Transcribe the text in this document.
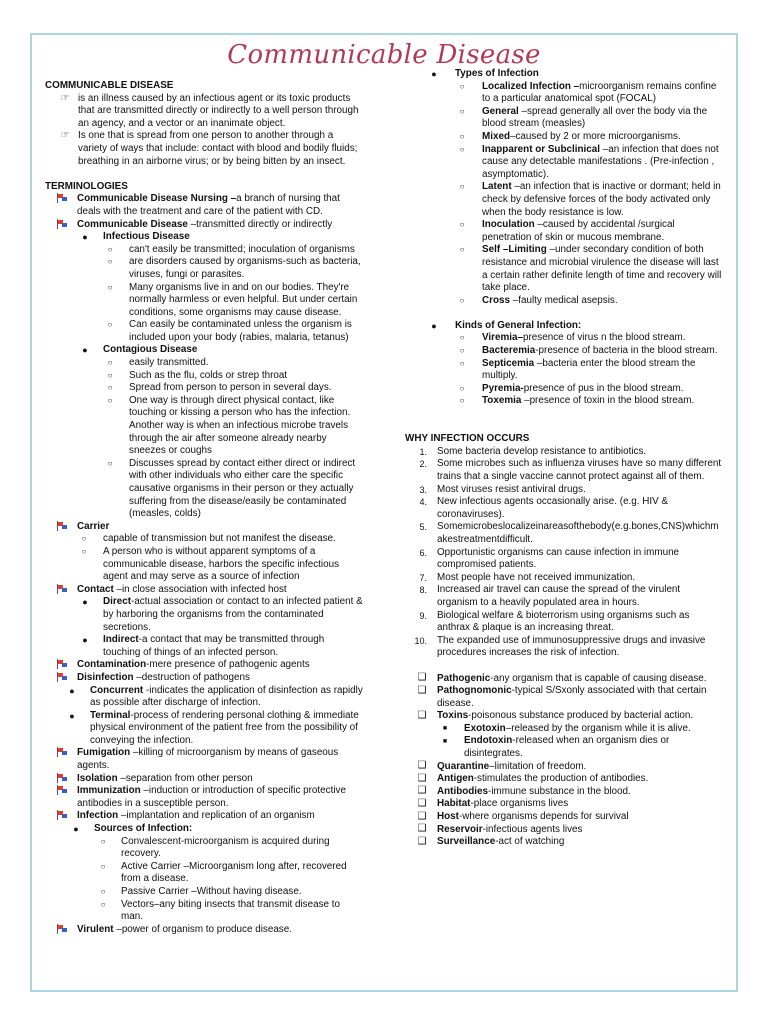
Communicable Disease
COMMUNICABLE DISEASE
☞ is an illness caused by an infectious agent or its toxic products that are transmitted directly or indirectly to a well person through an agency, and a vector or an inanimate object.
☞ Is one that is spread from one person to another through a variety of ways that include: contact with blood and bodily fluids; breathing in an airborne virus; or by being bitten by an insect.
TERMINOLOGIES
Communicable Disease Nursing –a branch of nursing that deals with the treatment and care of the patient with CD.
Communicable Disease –transmitted directly or indirectly
●	Infectious Disease
○	can't easily be transmitted; inoculation of organisms
○	are disorders caused by organisms-such as bacteria, viruses, fungi or parasites.
○	Many organisms live in and on our bodies. They're normally harmless or even helpful. But under certain conditions, some organisms may cause disease.
○	Can easily be contaminated unless the organism is included upon your body (rabies, malaria, tetanus)
●	Contagious Disease
○	easily transmitted.
○	Such as the flu, colds or strep throat
○	Spread from person to person in several days.
○	One way is through direct physical contact, like touching or kissing a person who has the infection. Another way is when an infectious microbe travels through the air after someone already nearby sneezes or coughs
○	Discusses spread by contact either direct or indirect with other individuals who either care the specific causative organisms in their person or they actually suffering from the disease/easily be contaminated (measles, colds)
Carrier
○	capable of transmission but not manifest the disease.
○	A person who is without apparent symptoms of a communicable disease, harbors the specific infectious agent and may serve as a source of infection
Contact –in close association with infected host
●	Direct-actual association or contact to an infected patient & by harboring the organisms from the contaminated secretions.
●	Indirect-a contact that may be transmitted through touching of things of an infected person.
Contamination-mere presence of pathogenic agents
Disinfection –destruction of pathogens
●	Concurrent -indicates the application of disinfection as rapidly as possible after discharge of infection.
●	Terminal-process of rendering personal clothing & immediate physical environment of the patient free from the possibility of conveying the infection.
Fumigation –killing of microorganism by means of gaseous agents.
Isolation –separation from other person
Immunization –induction or introduction of specific protective antibodies in a susceptible person.
Infection –implantation and replication of an organism
●	Sources of Infection:
○	Convalescent-microorganism is acquired during recovery.
○	Active Carrier –Microorganism long after, recovered from a disease.
○	Passive Carrier –Without having disease.
○	Vectors–any biting insects that transmit disease to man.
Virulent –power of organism to produce disease.
●	Types of Infection
○	Localized Infection –microorganism remains confine to a particular anatomical spot (FOCAL)
○	General –spread generally all over the body via the blood stream (measles)
○	Mixed–caused by 2 or more microorganisms.
○	Inapparent or Subclinical –an infection that does not cause any detectable manifestations . (Pre-infection , asymptomatic).
○	Latent –an infection that is inactive or dormant; held in check by defensive forces of the body activated only when the body resistance is low.
○	Inoculation –caused by accidental /surgical penetration of skin or mucous membrane.
○	Self –Limiting –under secondary condition of both resistance and microbial virulence the disease will last a certain rather definite length of time and recovery will take place.
○	Cross –faulty medical asepsis.
●	Kinds of General Infection:
○	Viremia–presence of virus n the blood stream.
○	Bacteremia-presence of bacteria in the blood stream.
○	Septicemia –bacteria enter the blood stream the multiply.
○	Pyremia-presence of pus in the blood stream.
○	Toxemia –presence of toxin in the blood stream.
WHY INFECTION OCCURS
1. Some bacteria develop resistance to antibiotics.
2. Some microbes such as influenza viruses have so many different trains that a single vaccine cannot protect against all of them.
3. Most viruses resist antiviral drugs.
4. New infectious agents occasionally arise. (e.g. HIV & coronaviruses).
5. Somemicrobeslocalizeinareasofthebody(e.g.bones,CNS)whichmakestreatmentdifficult.
6. Opportunistic organisms can cause infection in immune compromised patients.
7. Most people have not received immunization.
8. Increased air travel can cause the spread of the virulent organism to a heavily populated area in hours.
9. Biological welfare & bioterrorism using organisms such as anthrax & plaque is an increasing threat.
10. The expanded use of immunosuppressive drugs and invasive procedures increases the risk of infection.
❑ Pathogenic-any organism that is capable of causing disease.
❑ Pathognomonic-typical S/Sxonly associated with that certain disease.
❑ Toxins-poisonous substance produced by bacterial action.
■	Exotoxin–released by the organism while it is alive.
■	Endotoxin-released when an organism dies or disintegrates.
❑ Quarantine–limitation of freedom.
❑ Antigen-stimulates the production of antibodies.
❑ Antibodies-immune substance in the blood.
❑ Habitat-place organisms lives
❑ Host-where organisms depends for survival
❑ Reservoir-infectious agents lives
❑ Surveillance-act of watching
